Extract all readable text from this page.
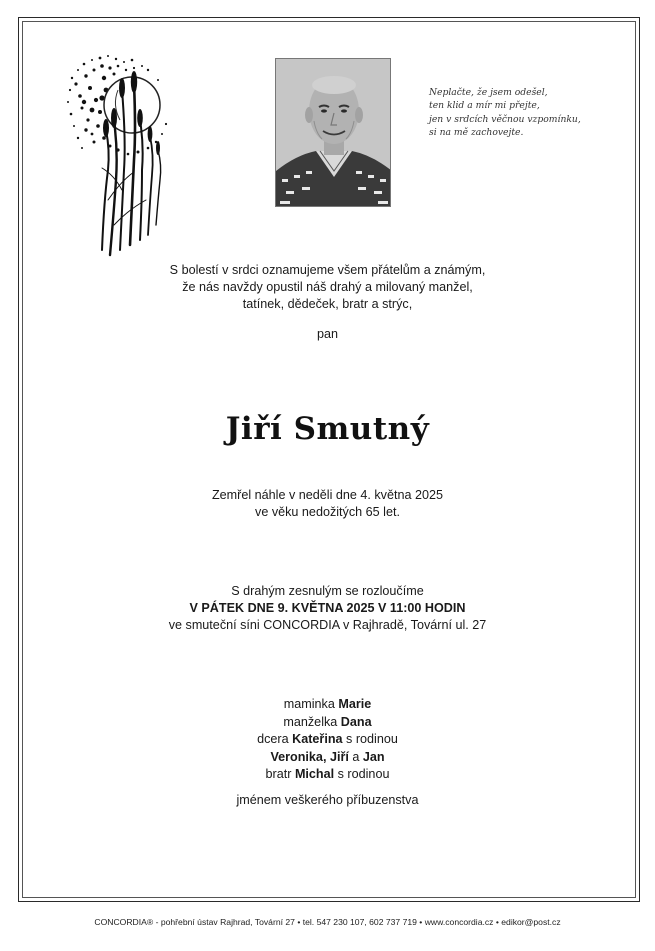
Neplačte, že jsem odešel,
ten klid a mír mi přejte,
jen v srdcích věčnou vzpomínku,
si na mě zachovejte.
S bolestí v srdci oznamujeme všem přátelům a známým,
že nás navždy opustil náš drahý a milovaný manžel,
tatínek, dědeček, bratr a strýc,
pan
Jiří Smutný
Zemřel náhle v neděli dne 4. května 2025
ve věku nedožitých 65 let.
S drahým zesnulým se rozloučíme
V PÁTEK DNE 9. KVĚTNA 2025 V 11:00 HODIN
ve smuteční síni CONCORDIA v Rajhradě, Tovární ul. 27
maminka Marie
manželka Dana
dcera Kateřina s rodinou
Veronika, Jiří a Jan
bratr Michal s rodinou
jménem veškerého příbuzenstva
CONCORDIA® - pohřební ústav Rajhrad, Tovární 27 • tel. 547 230 107, 602 737 719 • www.concordia.cz • edikor@post.cz
